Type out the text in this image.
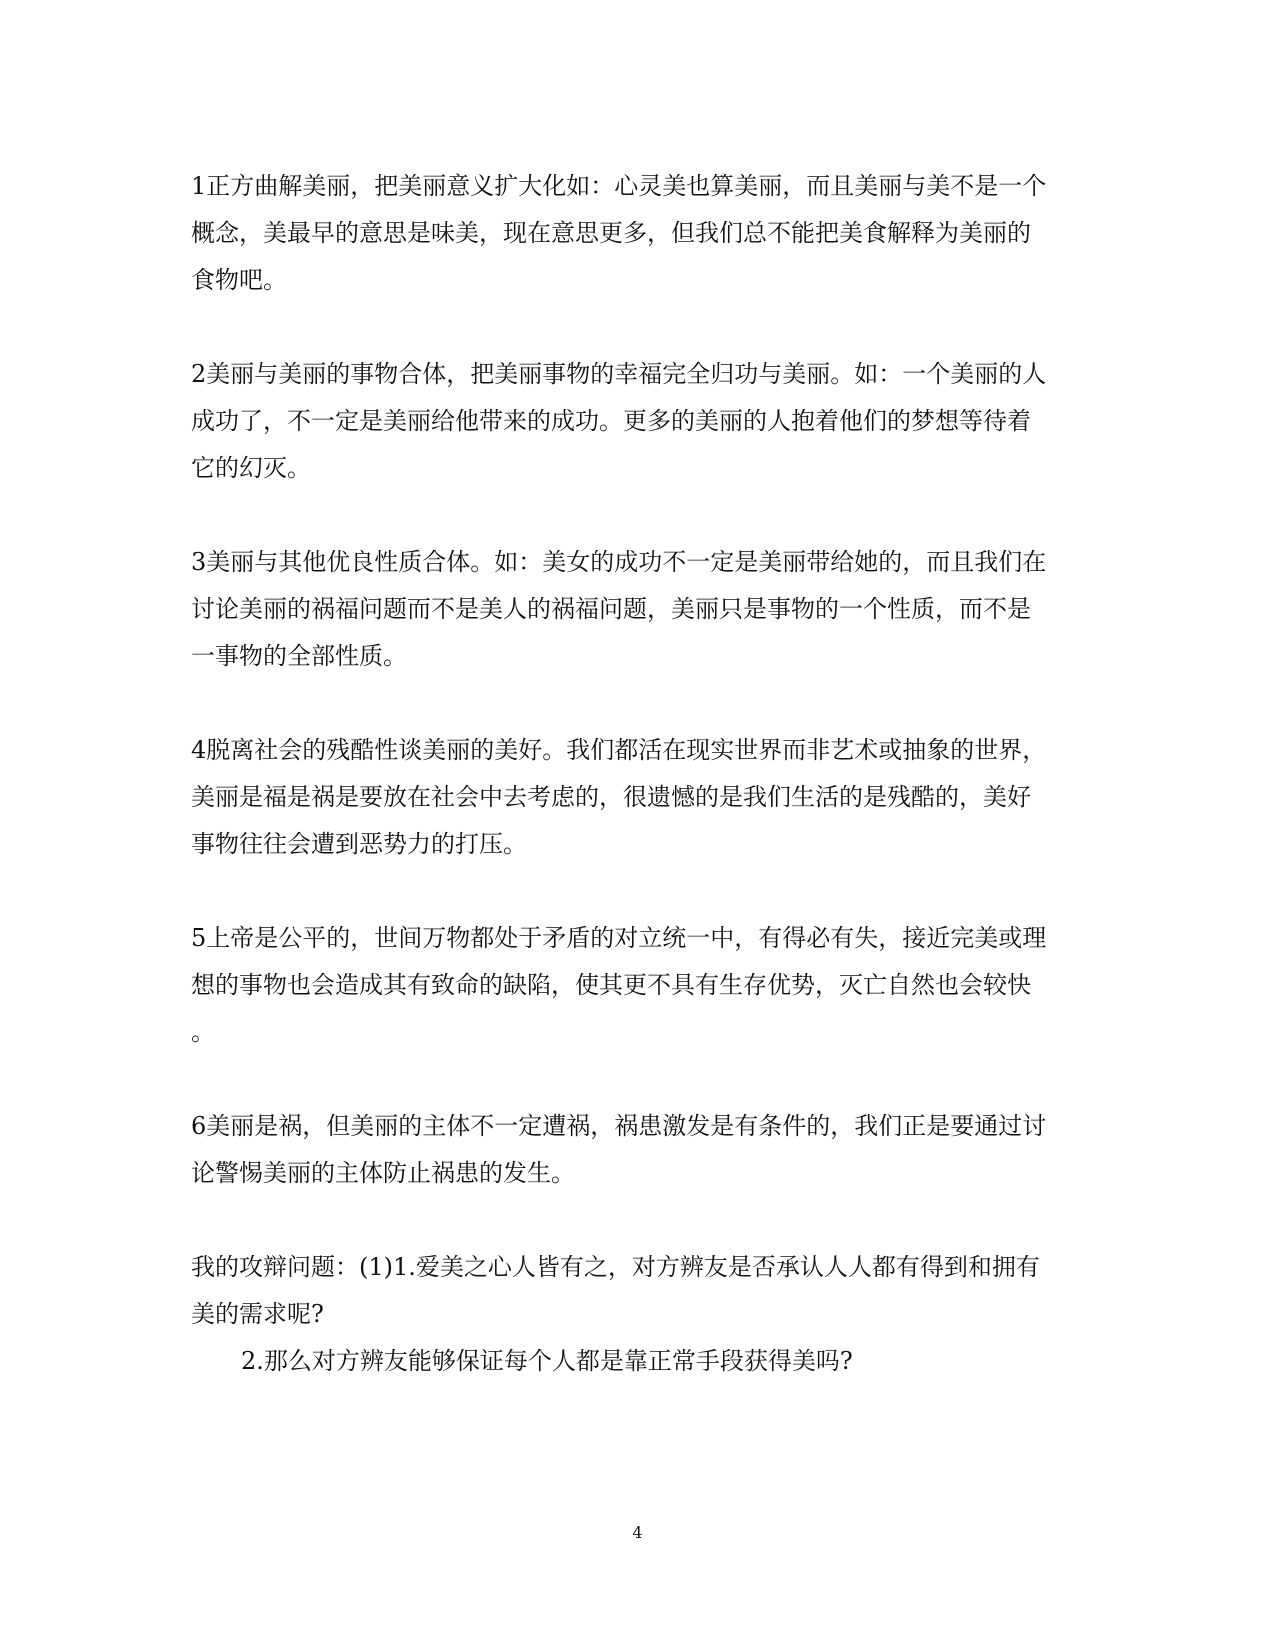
1正方曲解美丽，把美丽意义扩大化如：心灵美也算美丽，而且美丽与美不是一个
概念，美最早的意思是味美，现在意思更多，但我们总不能把美食解释为美丽的
食物吧。

2美丽与美丽的事物合体，把美丽事物的幸福完全归功与美丽。如：一个美丽的人
成功了，不一定是美丽给他带来的成功。更多的美丽的人抱着他们的梦想等待着
它的幻灭。

3美丽与其他优良性质合体。如：美女的成功不一定是美丽带给她的，而且我们在
讨论美丽的祸福问题而不是美人的祸福问题，美丽只是事物的一个性质，而不是
一事物的全部性质。

4脱离社会的残酷性谈美丽的美好。我们都活在现实世界而非艺术或抽象的世界，
美丽是福是祸是要放在社会中去考虑的，很遗憾的是我们生活的是残酷的，美好
事物往往会遭到恶势力的打压。

5上帝是公平的，世间万物都处于矛盾的对立统一中，有得必有失，接近完美或理
想的事物也会造成其有致命的缺陷，使其更不具有生存优势，灭亡自然也会较快
。

6美丽是祸，但美丽的主体不一定遭祸，祸患激发是有条件的，我们正是要通过讨
论警惕美丽的主体防止祸患的发生。

我的攻辩问题：(1)1.爱美之心人皆有之，对方辨友是否承认人人都有得到和拥有
美的需求呢?
2.那么对方辨友能够保证每个人都是靠正常手段获得美吗?

4
